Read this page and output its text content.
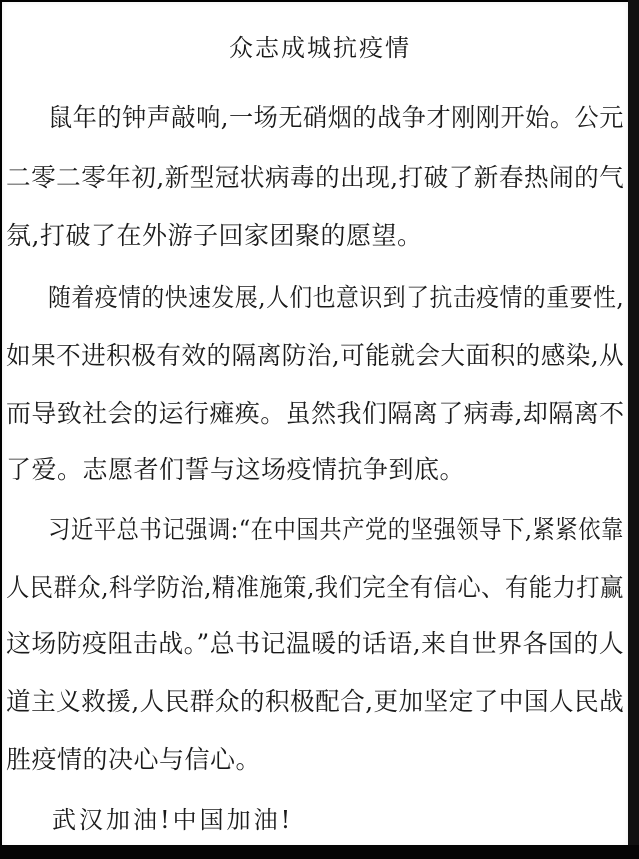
众志成城抗疫情
鼠年的钟声敲响,一场无硝烟的战争才刚刚开始。公元
二零二零年初,新型冠状病毒的出现,打破了新春热闹的气
氛,打破了在外游子回家团聚的愿望。
随着疫情的快速发展,人们也意识到了抗击疫情的重要性,
如果不进积极有效的隔离防治,可能就会大面积的感染,从
而导致社会的运行瘫痪。虽然我们隔离了病毒,却隔离不
了爱。志愿者们誓与这场疫情抗争到底。
习近平总书记强调:“在中国共产党的坚强领导下,紧紧依靠
人民群众,科学防治,精准施策,我们完全有信心、有能力打赢
这场防疫阻击战。”总书记温暖的话语,来自世界各国的人
道主义救援,人民群众的积极配合,更加坚定了中国人民战
胜疫情的决心与信心。
武汉加油!中国加油!
